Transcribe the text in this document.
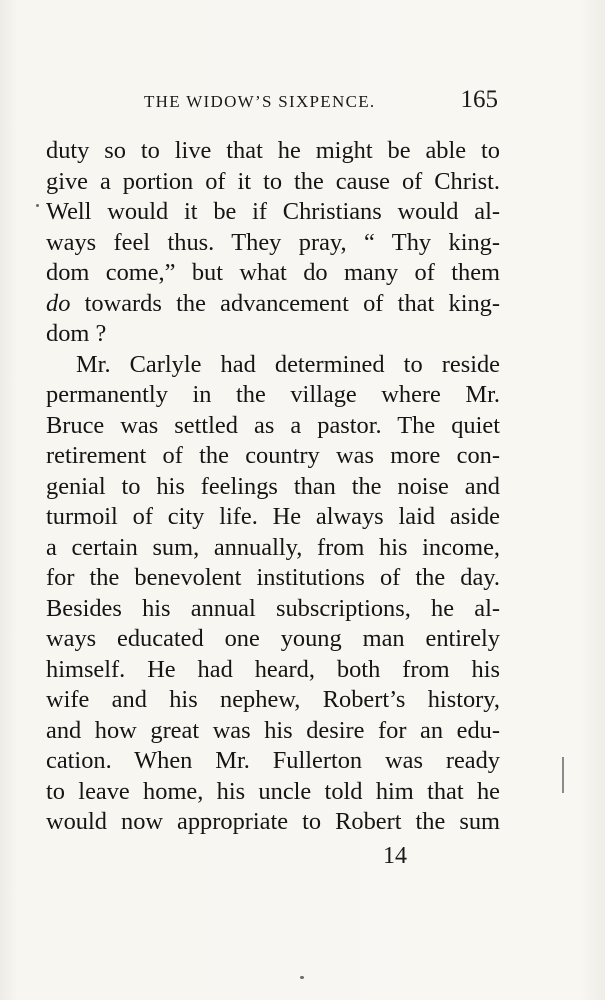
THE WIDOW’S SIXPENCE.	165
duty so to live that he might be able to
give a portion of it to the cause of Christ.
Well would it be if Christians would al-
ways feel thus. They pray, “ Thy king-
dom come,” but what do many of them
do towards the advancement of that king-
dom ?
Mr. Carlyle had determined to reside
permanently in the village where Mr.
Bruce was settled as a pastor. The quiet
retirement of the country was more con-
genial to his feelings than the noise and
turmoil of city life. He always laid aside
a certain sum, annually, from his income,
for the benevolent institutions of the day.
Besides his annual subscriptions, he al-
ways educated one young man entirely
himself. He had heard, both from his
wife and his nephew, Robert’s history,
and how great was his desire for an edu-
cation. When Mr. Fullerton was ready
to leave home, his uncle told him that he
would now appropriate to Robert the sum
14
